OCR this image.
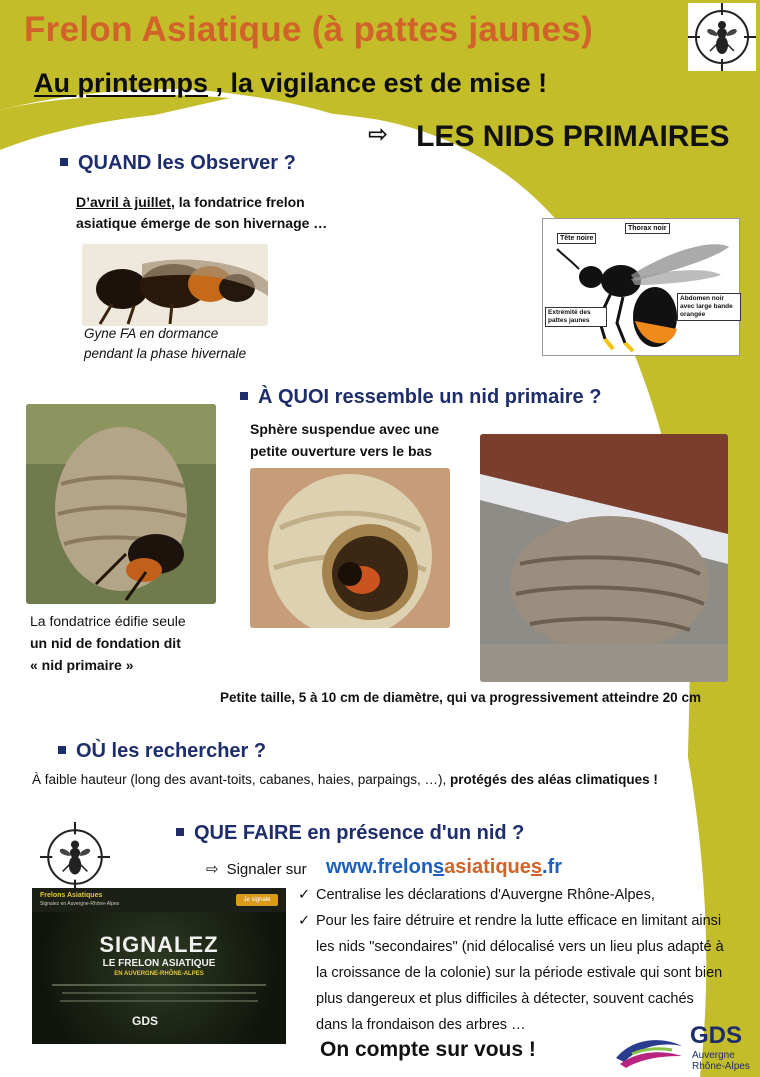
Frelon Asiatique (à pattes jaunes)
Au printemps , la vigilance est de mise !
⇨ LES NIDS PRIMAIRES
QUAND les Observer ?
D’avril à juillet, la fondatrice frelon asiatique émerge de son hivernage …
Gyne FA en dormance
pendant la phase hivernale
Tête noire
Thorax noir
Abdomen noir avec large bande orangée
Extrémité des pattes jaunes
À QUOI ressemble un nid primaire ?
Sphère suspendue avec une petite ouverture vers le bas
La fondatrice édifie seule
un nid de fondation dit
« nid primaire »
Petite taille, 5 à 10 cm de diamètre, qui va progressivement atteindre 20 cm
OÙ les rechercher ?
À faible hauteur (long des avant-toits, cabanes, haies, parpaings, …), protégés des aléas climatiques !
QUE FAIRE en présence d'un nid ?
⇨ Signaler sur www.frelonsasiatiques.fr
Frelons Asiatiques
Signalez en Auvergne-Rhône-Alpes
Je signale
SIGNALEZ
LE FRELON ASIATIQUE
EN AUVERGNE-RHÔNE-ALPES
GDS
✓ Centralise les déclarations d'Auvergne Rhône-Alpes,
✓ Pour les faire détruire et rendre la lutte efficace en limitant ainsi les nids "secondaires" (nid délocalisé vers un lieu plus adapté à la croissance de la colonie) sur la période estivale qui sont bien plus dangereux et plus difficiles à détecter, souvent cachés dans la frondaison des arbres …
On compte sur vous !
GDS
Auvergne
Rhône-Alpes
